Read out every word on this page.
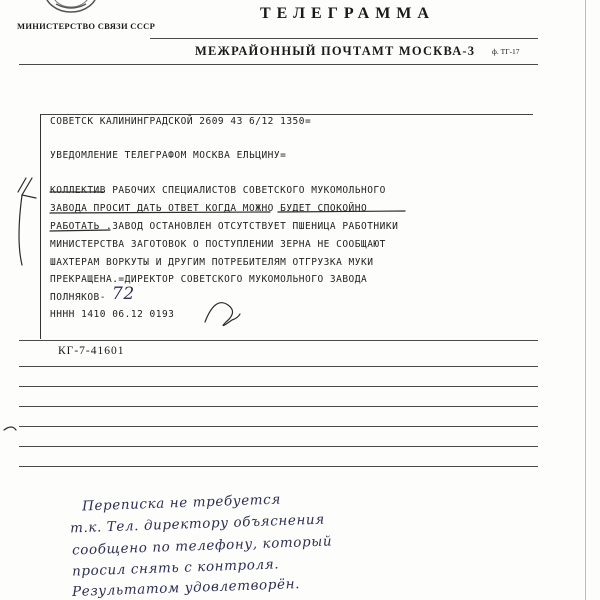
МИНИСТЕРСТВО СВЯЗИ СССР
ТЕЛЕГРАММА
МЕЖРАЙОННЫЙ ПОЧТАМТ МОСКВА-3 ф. ТГ-17
СОВЕТСК КАЛИНИНГРАДСКОЙ 2609 43 6/12 1350=
УВЕДОМЛЕНИЕ ТЕЛЕГРАФОМ МОСКВА ЕЛЬЦИНУ=
КОЛЛЕКТИВ РАБОЧИХ СПЕЦИАЛИСТОВ СОВЕТСКОГО МУКОМОЛЬНОГО
ЗАВОДА ПРОСИТ ДАТЬ ОТВЕТ КОГДА МОЖНО БУДЕТ СПОКОЙНО
РАБОТАТЬ .ЗАВОД ОСТАНОВЛЕН ОТСУТСТВУЕТ ПШЕНИЦА РАБОТНИКИ
МИНИСТЕРСТВА ЗАГОТОВОК О ПОСТУПЛЕНИИ ЗЕРНА НЕ СООБЩАЮТ
ШАХТЕРАМ ВОРКУТЫ И ДРУГИМ ПОТРЕБИТЕЛЯМ ОТГРУЗКА МУКИ
ПРЕКРАЩЕНА.=ДИРЕКТОР СОВЕТСКОГО МУКОМОЛЬНОГО ЗАВОДА
ПОЛНЯКОВ- 72
НННН 1410 06.12 0193
КГ-7-41601
Переписка не требуется
т.к. Тел. директору объяснения
сообщено по телефону, который
просил снять с контроля.
Результатом удовлетворён.
